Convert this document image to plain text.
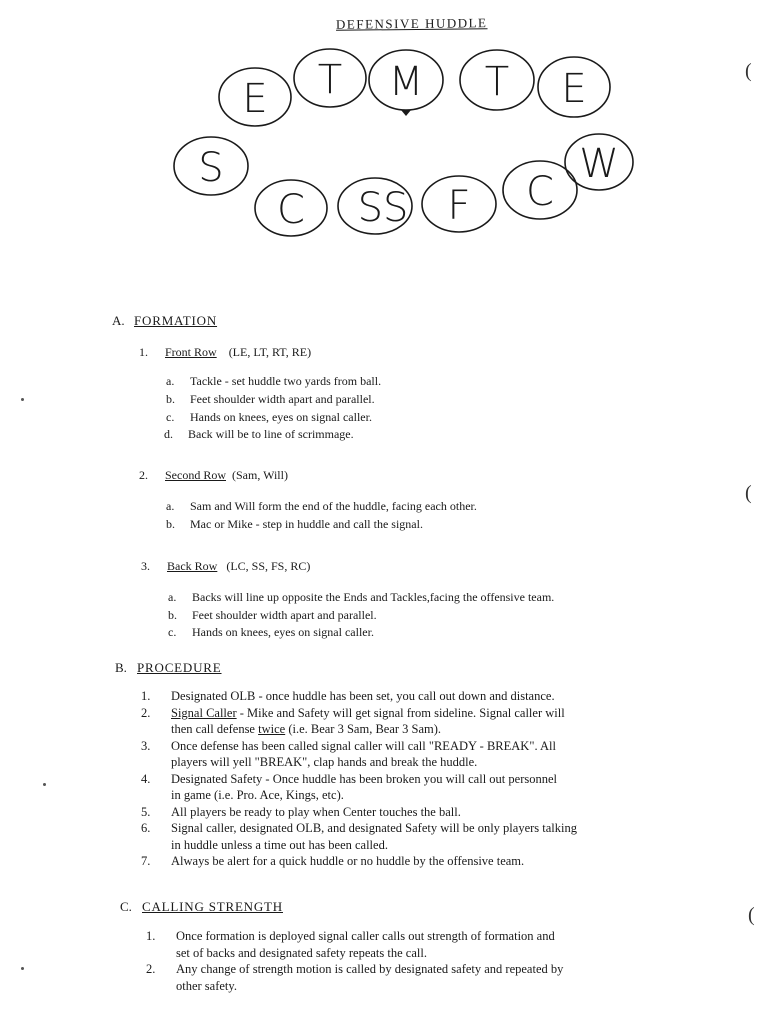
DEFENSIVE HUDDLE
E T M T E
S
C SS F C
W
(
(
(
A. FORMATION
1. Front Row (LE, LT, RT, RE)
a. Tackle - set huddle two yards from ball.
b. Feet shoulder width apart and parallel.
c. Hands on knees, eyes on signal caller.
d. Back will be to line of scrimmage.
2. Second Row (Sam, Will)
a. Sam and Will form the end of the huddle, facing each other.
b. Mac or Mike - step in huddle and call the signal.
3. Back Row (LC, SS, FS, RC)
a. Backs will line up opposite the Ends and Tackles,facing the offensive team.
b. Feet shoulder width apart and parallel.
c. Hands on knees, eyes on signal caller.
B. PROCEDURE
1. Designated OLB - once huddle has been set, you call out down and distance.
2. Signal Caller - Mike and Safety will get signal from sideline. Signal caller will
then call defense twice (i.e. Bear 3 Sam, Bear 3 Sam).
3. Once defense has been called signal caller will call "READY - BREAK". All
players will yell "BREAK", clap hands and break the huddle.
4. Designated Safety - Once huddle has been broken you will call out personnel
in game (i.e. Pro. Ace, Kings, etc).
5. All players be ready to play when Center touches the ball.
6. Signal caller, designated OLB, and designated Safety will be only players talking
in huddle unless a time out has been called.
7. Always be alert for a quick huddle or no huddle by the offensive team.
C. CALLING STRENGTH
1. Once formation is deployed signal caller calls out strength of formation and
set of backs and designated safety repeats the call.
2. Any change of strength motion is called by designated safety and repeated by
other safety.
